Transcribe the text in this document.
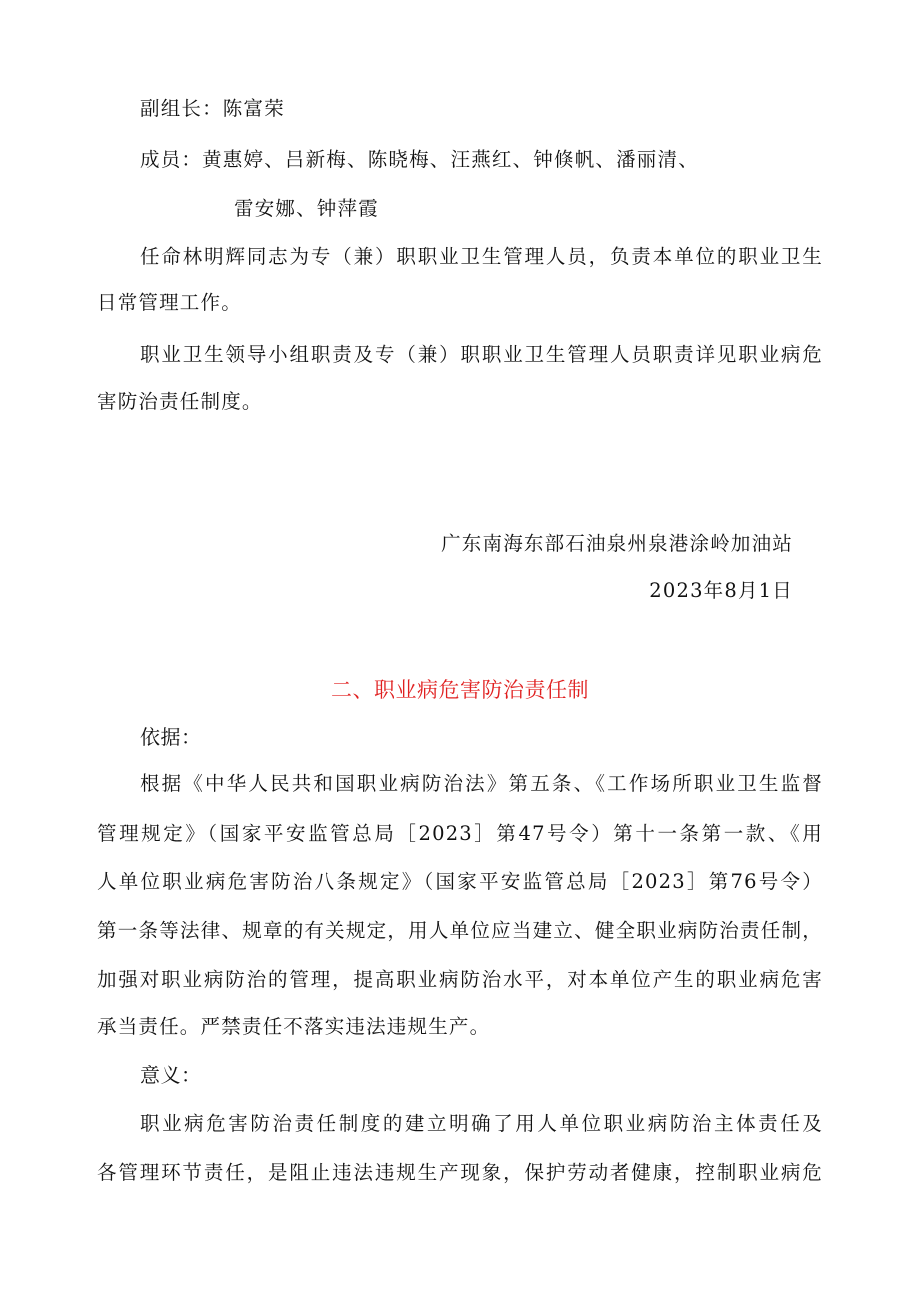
副组长：陈富荣
成员：黄惠婷、吕新梅、陈晓梅、汪燕红、钟倏帆、潘丽清、
雷安娜、钟萍霞
任命林明辉同志为专（兼）职职业卫生管理人员，负责本单位的职业卫生
日常管理工作。
职业卫生领导小组职责及专（兼）职职业卫生管理人员职责详见职业病危
害防治责任制度。
广东南海东部石油泉州泉港涂岭加油站
2023年8月1日
二、职业病危害防治责任制
依据：
根据《中华人民共和国职业病防治法》第五条、《工作场所职业卫生监督
管理规定》（国家平安监管总局［2023］第47号令）第十一条第一款、《用
人单位职业病危害防治八条规定》（国家平安监管总局［2023］第76号令）
第一条等法律、规章的有关规定，用人单位应当建立、健全职业病防治责任制，
加强对职业病防治的管理，提高职业病防治水平，对本单位产生的职业病危害
承当责任。严禁责任不落实违法违规生产。
意义：
职业病危害防治责任制度的建立明确了用人单位职业病防治主体责任及
各管理环节责任，是阻止违法违规生产现象，保护劳动者健康，控制职业病危
